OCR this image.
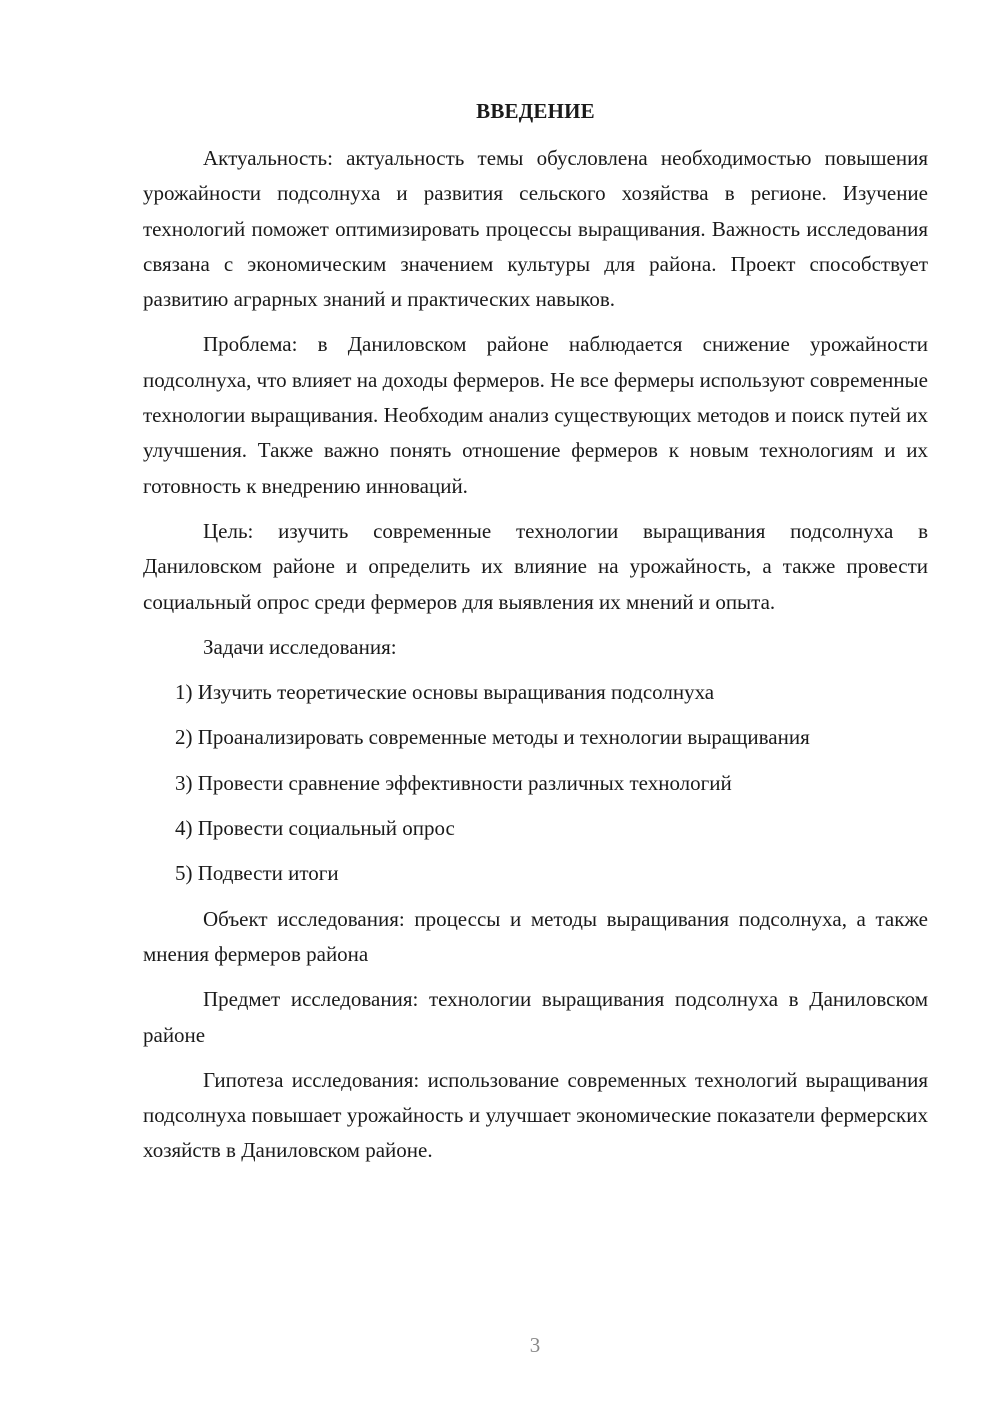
ВВЕДЕНИЕ

Актуальность: актуальность темы обусловлена необходимостью повышения урожайности подсолнуха и развития сельского хозяйства в регионе. Изучение технологий поможет оптимизировать процессы выращивания. Важность исследования связана с экономическим значением культуры для района. Проект способствует развитию аграрных знаний и практических навыков.

Проблема: в Даниловском районе наблюдается снижение урожайности подсолнуха, что влияет на доходы фермеров. Не все фермеры используют современные технологии выращивания. Необходим анализ существующих методов и поиск путей их улучшения. Также важно понять отношение фермеров к новым технологиям и их готовность к внедрению инноваций.

Цель: изучить современные технологии выращивания подсолнуха в Даниловском районе и определить их влияние на урожайность, а также провести социальный опрос среди фермеров для выявления их мнений и опыта.

Задачи исследования:

1) Изучить теоретические основы выращивания подсолнуха

2) Проанализировать современные методы и технологии выращивания

3) Провести сравнение эффективности различных технологий

4) Провести социальный опрос

5) Подвести итоги

Объект исследования: процессы и методы выращивания подсолнуха, а также мнения фермеров района

Предмет исследования: технологии выращивания подсолнуха в Даниловском районе

Гипотеза исследования: использование современных технологий выращивания подсолнуха повышает урожайность и улучшает экономические показатели фермерских хозяйств в Даниловском районе.

3
